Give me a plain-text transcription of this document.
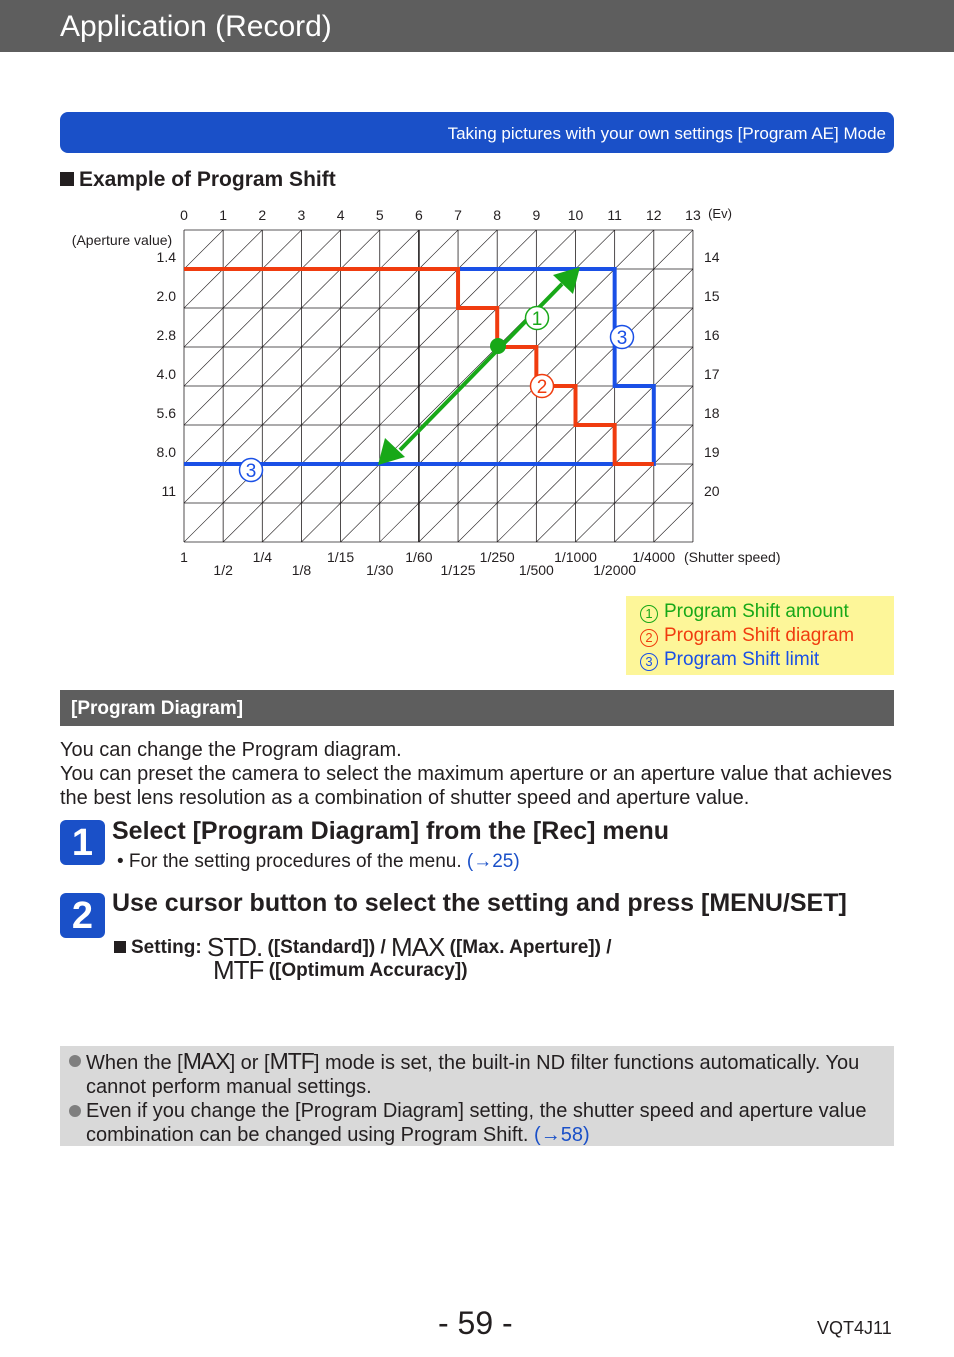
Application (Record)
Taking pictures with your own settings [Program AE] Mode
Example of Program Shift
1
2
3
3
0 1 2 3 4 5 6 7 8 9 10 11 12 13 (Ev)
(Aperture value)
1.4
2.0
2.8
4.0
5.6
8.0
11
14
15
16
17
18
19
20
1	1/4	1/15	1/60	1/250	1/1000	1/4000
1/2	1/8	1/30	1/125	1/500	1/2000
(Shutter speed)
1 Program Shift amount
2 Program Shift diagram
3 Program Shift limit
[Program Diagram]
You can change the Program diagram.
You can preset the camera to select the maximum aperture or an aperture value that achieves the best lens resolution as a combination of shutter speed and aperture value.
1 Select [Program Diagram] from the [Rec] menu
• For the setting procedures of the menu. (→25)
2 Use cursor button to select the setting and press [MENU/SET]
Setting: STD. ([Standard]) / MAX ([Max. Aperture]) /
MTF ([Optimum Accuracy])
When the [MAX] or [MTF] mode is set, the built-in ND filter functions automatically. You cannot perform manual settings.
Even if you change the [Program Diagram] setting, the shutter speed and aperture value combination can be changed using Program Shift. (→58)
- 59 -	VQT4J11
